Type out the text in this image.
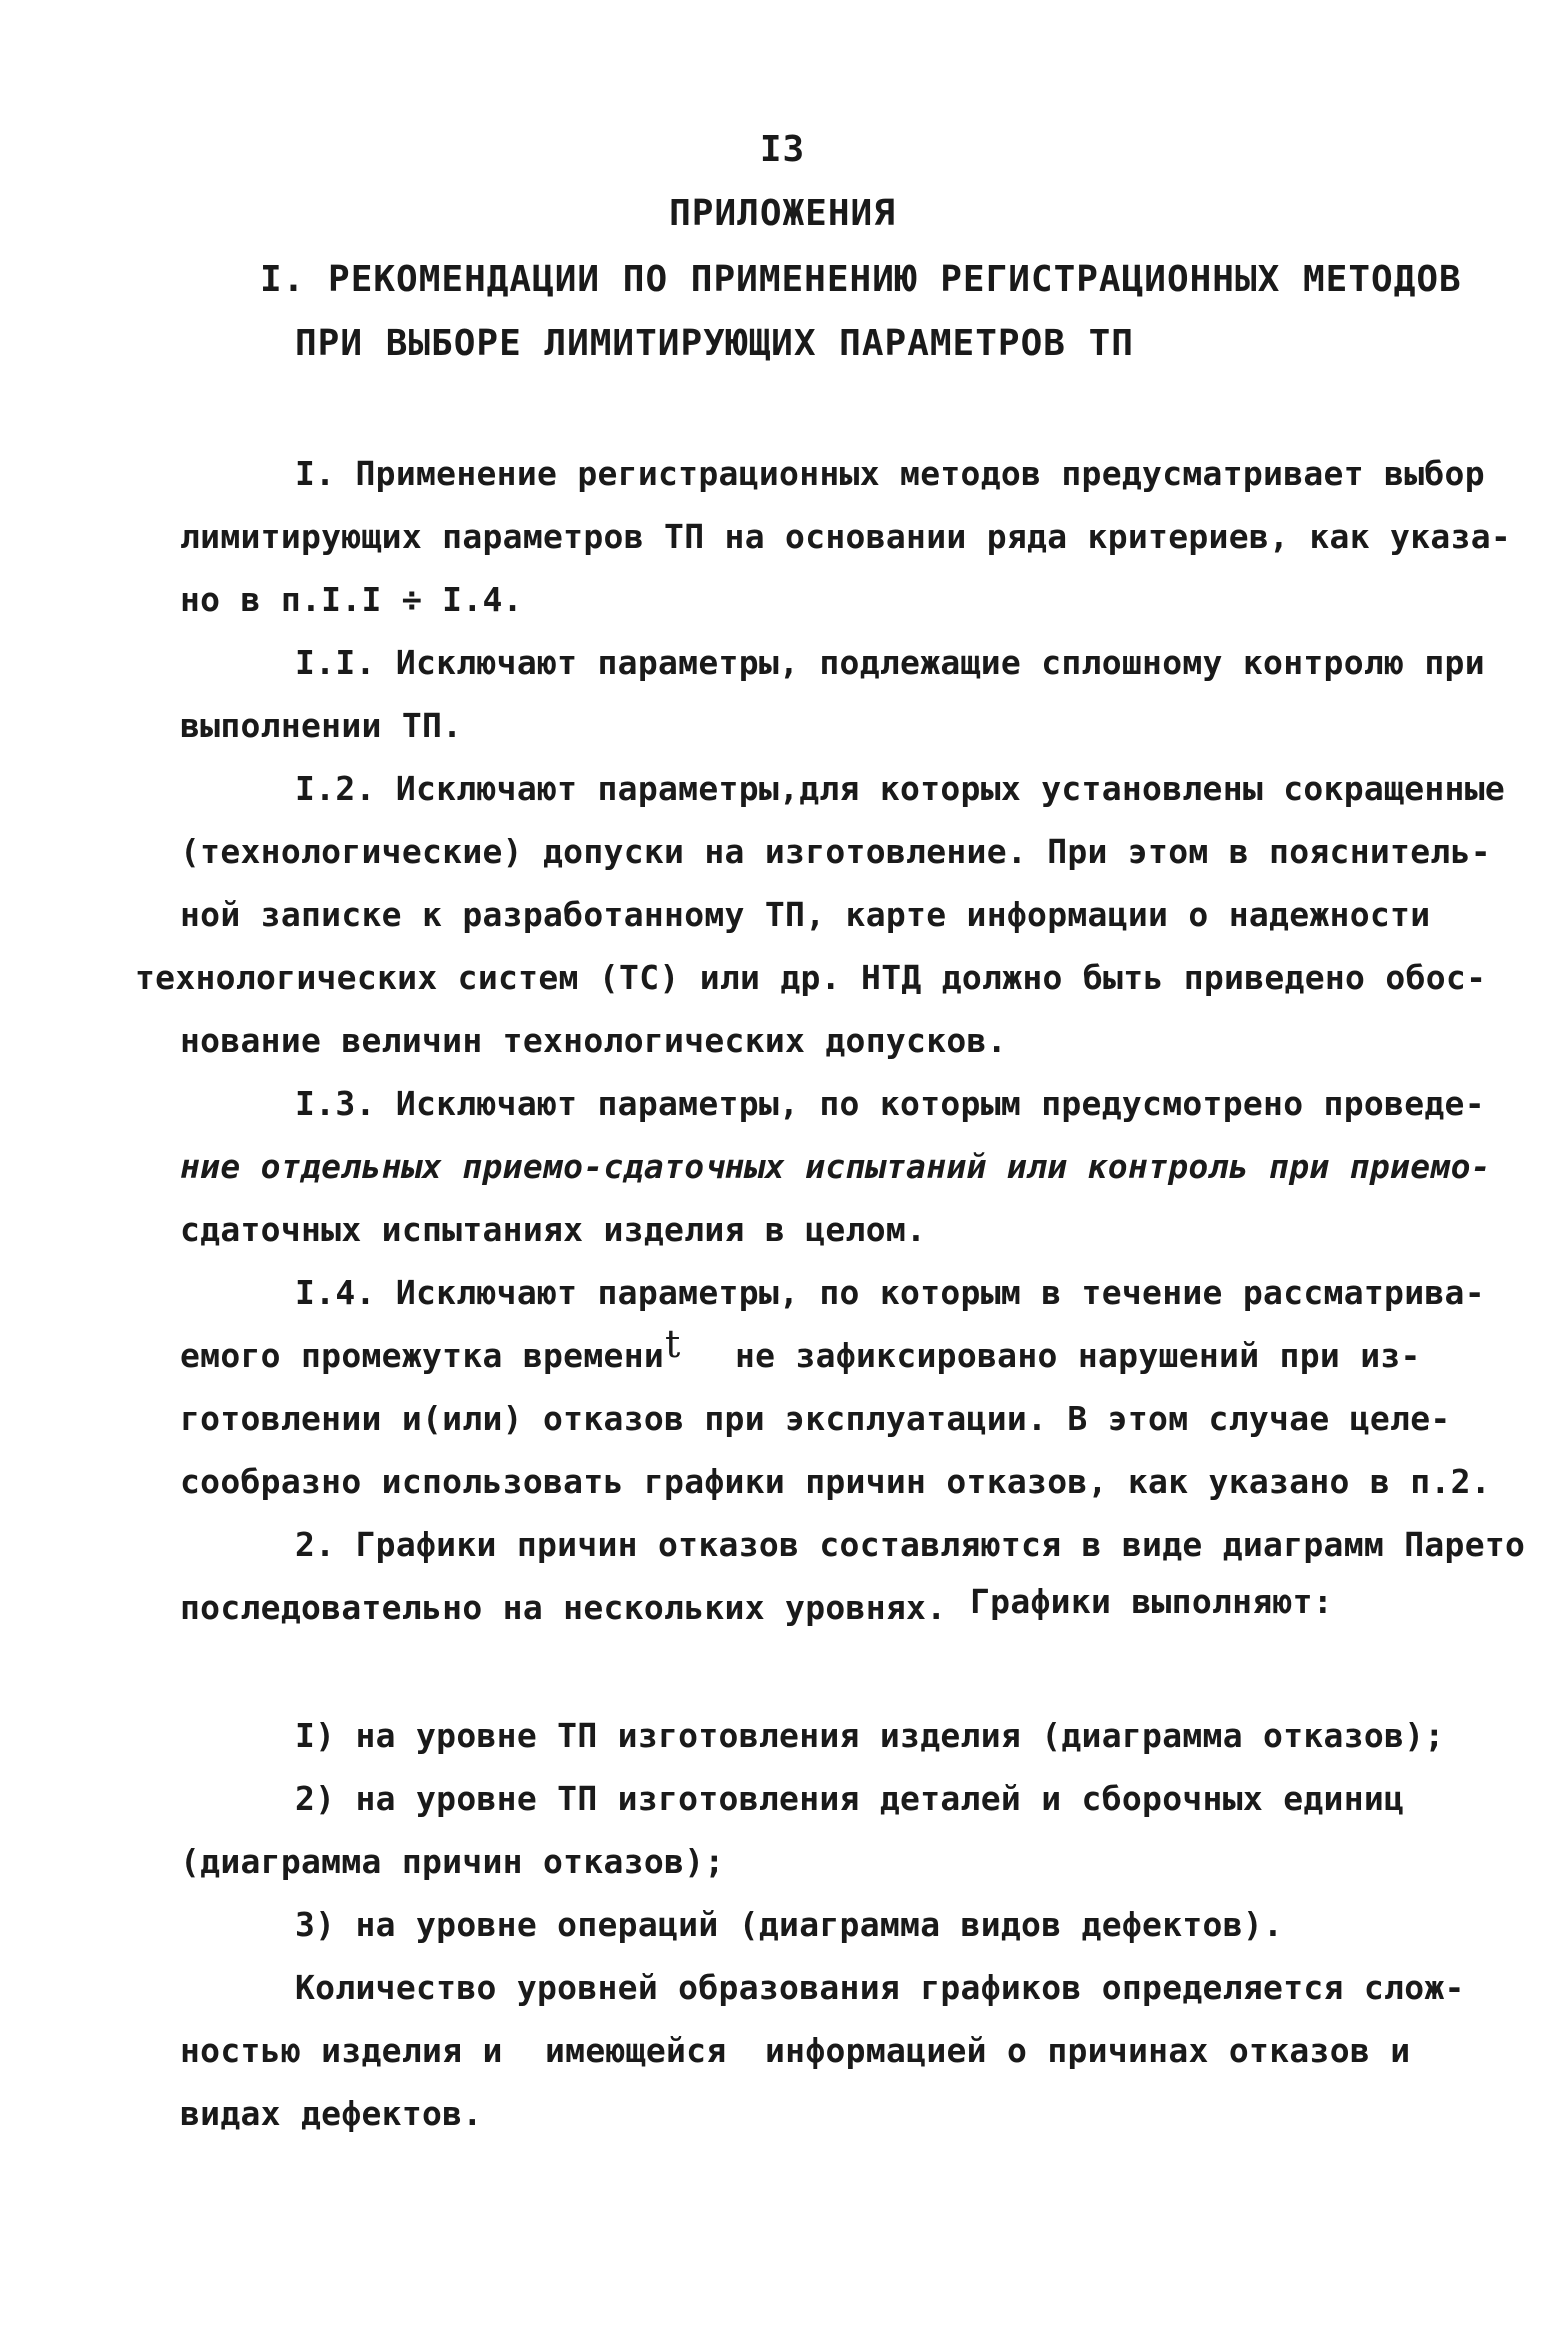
I3
ПРИЛОЖЕНИЯ
I. РЕКОМЕНДАЦИИ ПО ПРИМЕНЕНИЮ РЕГИСТРАЦИОННЫХ МЕТОДОВ
ПРИ ВЫБОРЕ ЛИМИТИРУЮЩИХ ПАРАМЕТРОВ ТП
I. Применение регистрационных методов предусматривает выбор
лимитирующих параметров ТП на основании ряда критериев, как указа-
но в п.I.I ÷ I.4.
I.I. Исключают параметры, подлежащие сплошному контролю при
выполнении ТП.
I.2. Исключают параметры,для которых установлены сокращенные
(технологические) допуски на изготовление. При этом в пояснитель-
ной записке к разработанному ТП, карте информации о надежности
технологических систем (ТС) или др. НТД должно быть приведено обос-
нование величин технологических допусков.
I.3. Исключают параметры, по которым предусмотрено проведе-
ние отдельных приемо-сдаточных испытаний или контроль при приемо-
сдаточных испытаниях изделия в целом.
I.4. Исключают параметры, по которым в течение рассматрива-
емого промежутка времени t не зафиксировано нарушений при из-
готовлении и(или) отказов при эксплуатации. В этом случае целе-
сообразно использовать графики причин отказов, как указано в п.2.
2. Графики причин отказов составляются в виде диаграмм Парето
последовательно на нескольких уровнях. Графики выполняют:
I) на уровне ТП изготовления изделия (диаграмма отказов);
2) на уровне ТП изготовления деталей и сборочных единиц
(диаграмма причин отказов);
3) на уровне операций (диаграмма видов дефектов).
Количество уровней образования графиков определяется слож-
ностью изделия и имеющейся информацией о причинах отказов и
видах дефектов.
